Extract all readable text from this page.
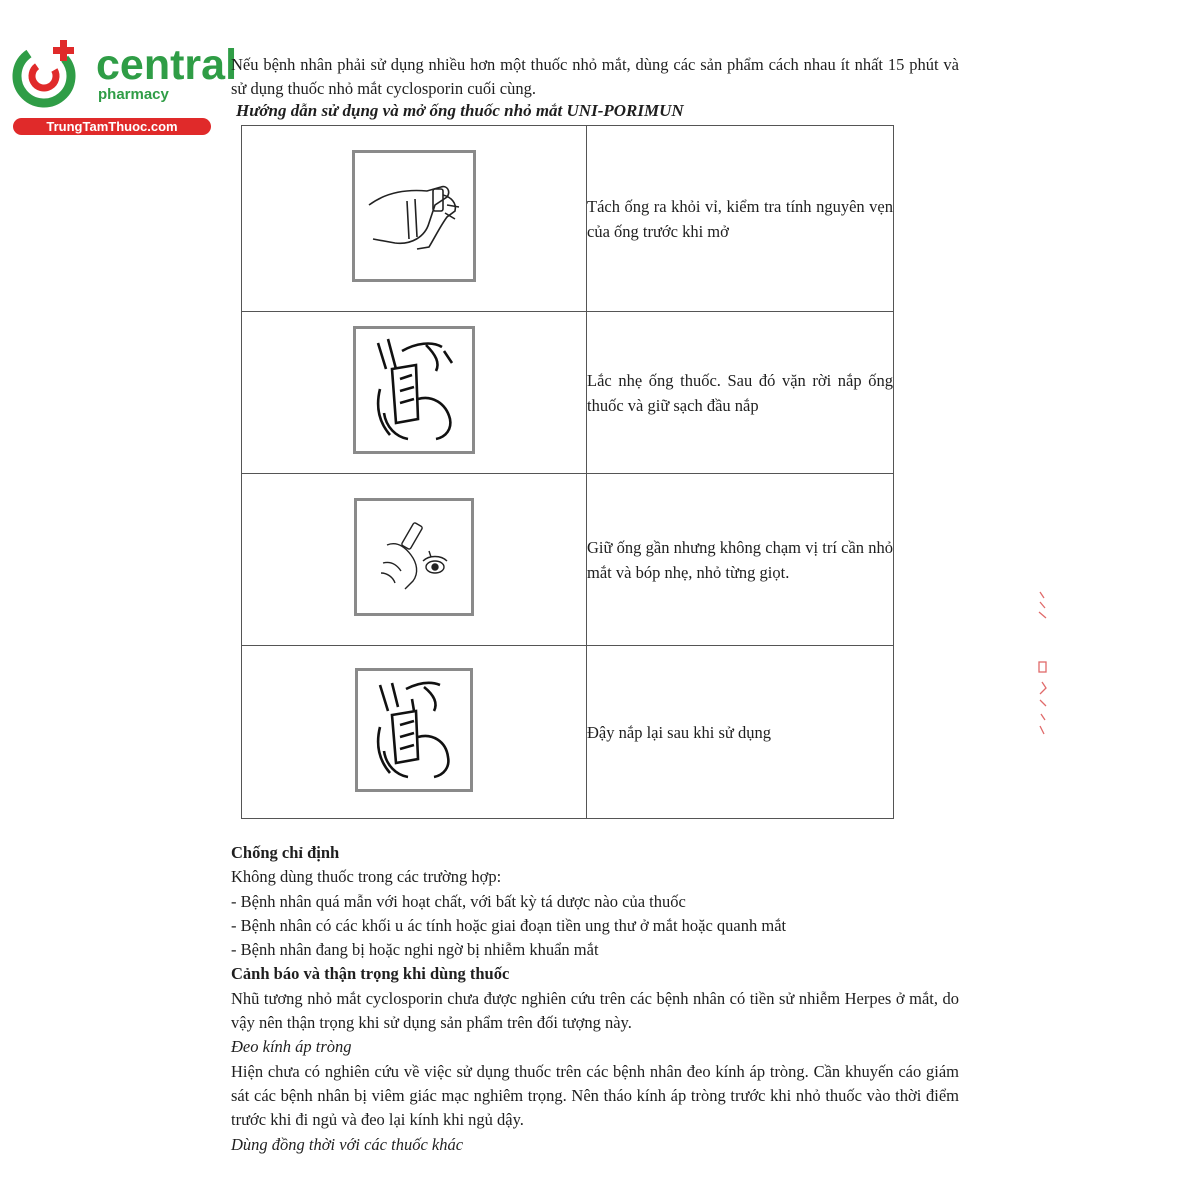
central
pharmacy
TrungTamThuoc.com
Nếu bệnh nhân phải sử dụng nhiều hơn một thuốc nhỏ mắt, dùng các sản phẩm cách nhau ít nhất 15 phút và sử dụng thuốc nhỏ mắt cyclosporin cuối cùng.
Hướng dẫn sử dụng và mở ống thuốc nhỏ mắt UNI-PORIMUN
	Tách ống ra khỏi vỉ, kiểm tra tính nguyên vẹn của ống trước khi mở

	Lắc nhẹ ống thuốc. Sau đó vặn rời nắp ống thuốc và giữ sạch đầu nắp

	Giữ ống gần nhưng không chạm vị trí cần nhỏ mắt và bóp nhẹ, nhỏ từng giọt.

	Đậy nắp lại sau khi sử dụng

Chống chỉ định

Không dùng thuốc trong các trường hợp:

- Bệnh nhân quá mẫn với hoạt chất, với bất kỳ tá dược nào của thuốc

- Bệnh nhân có các khối u ác tính hoặc giai đoạn tiền ung thư ở mắt hoặc quanh mắt

- Bệnh nhân đang bị hoặc nghi ngờ bị nhiễm khuẩn mắt

Cảnh báo và thận trọng khi dùng thuốc

Nhũ tương nhỏ mắt cyclosporin chưa được nghiên cứu trên các bệnh nhân có tiền sử nhiễm Herpes ở mắt, do vậy nên thận trọng khi sử dụng sản phẩm trên đối tượng này.

Đeo kính áp tròng

Hiện chưa có nghiên cứu về việc sử dụng thuốc trên các bệnh nhân đeo kính áp tròng. Cần khuyến cáo giám sát các bệnh nhân bị viêm giác mạc nghiêm trọng. Nên tháo kính áp tròng trước khi nhỏ thuốc vào thời điểm trước khi đi ngủ và đeo lại kính khi ngủ dậy.

Dùng đồng thời với các thuốc khác
